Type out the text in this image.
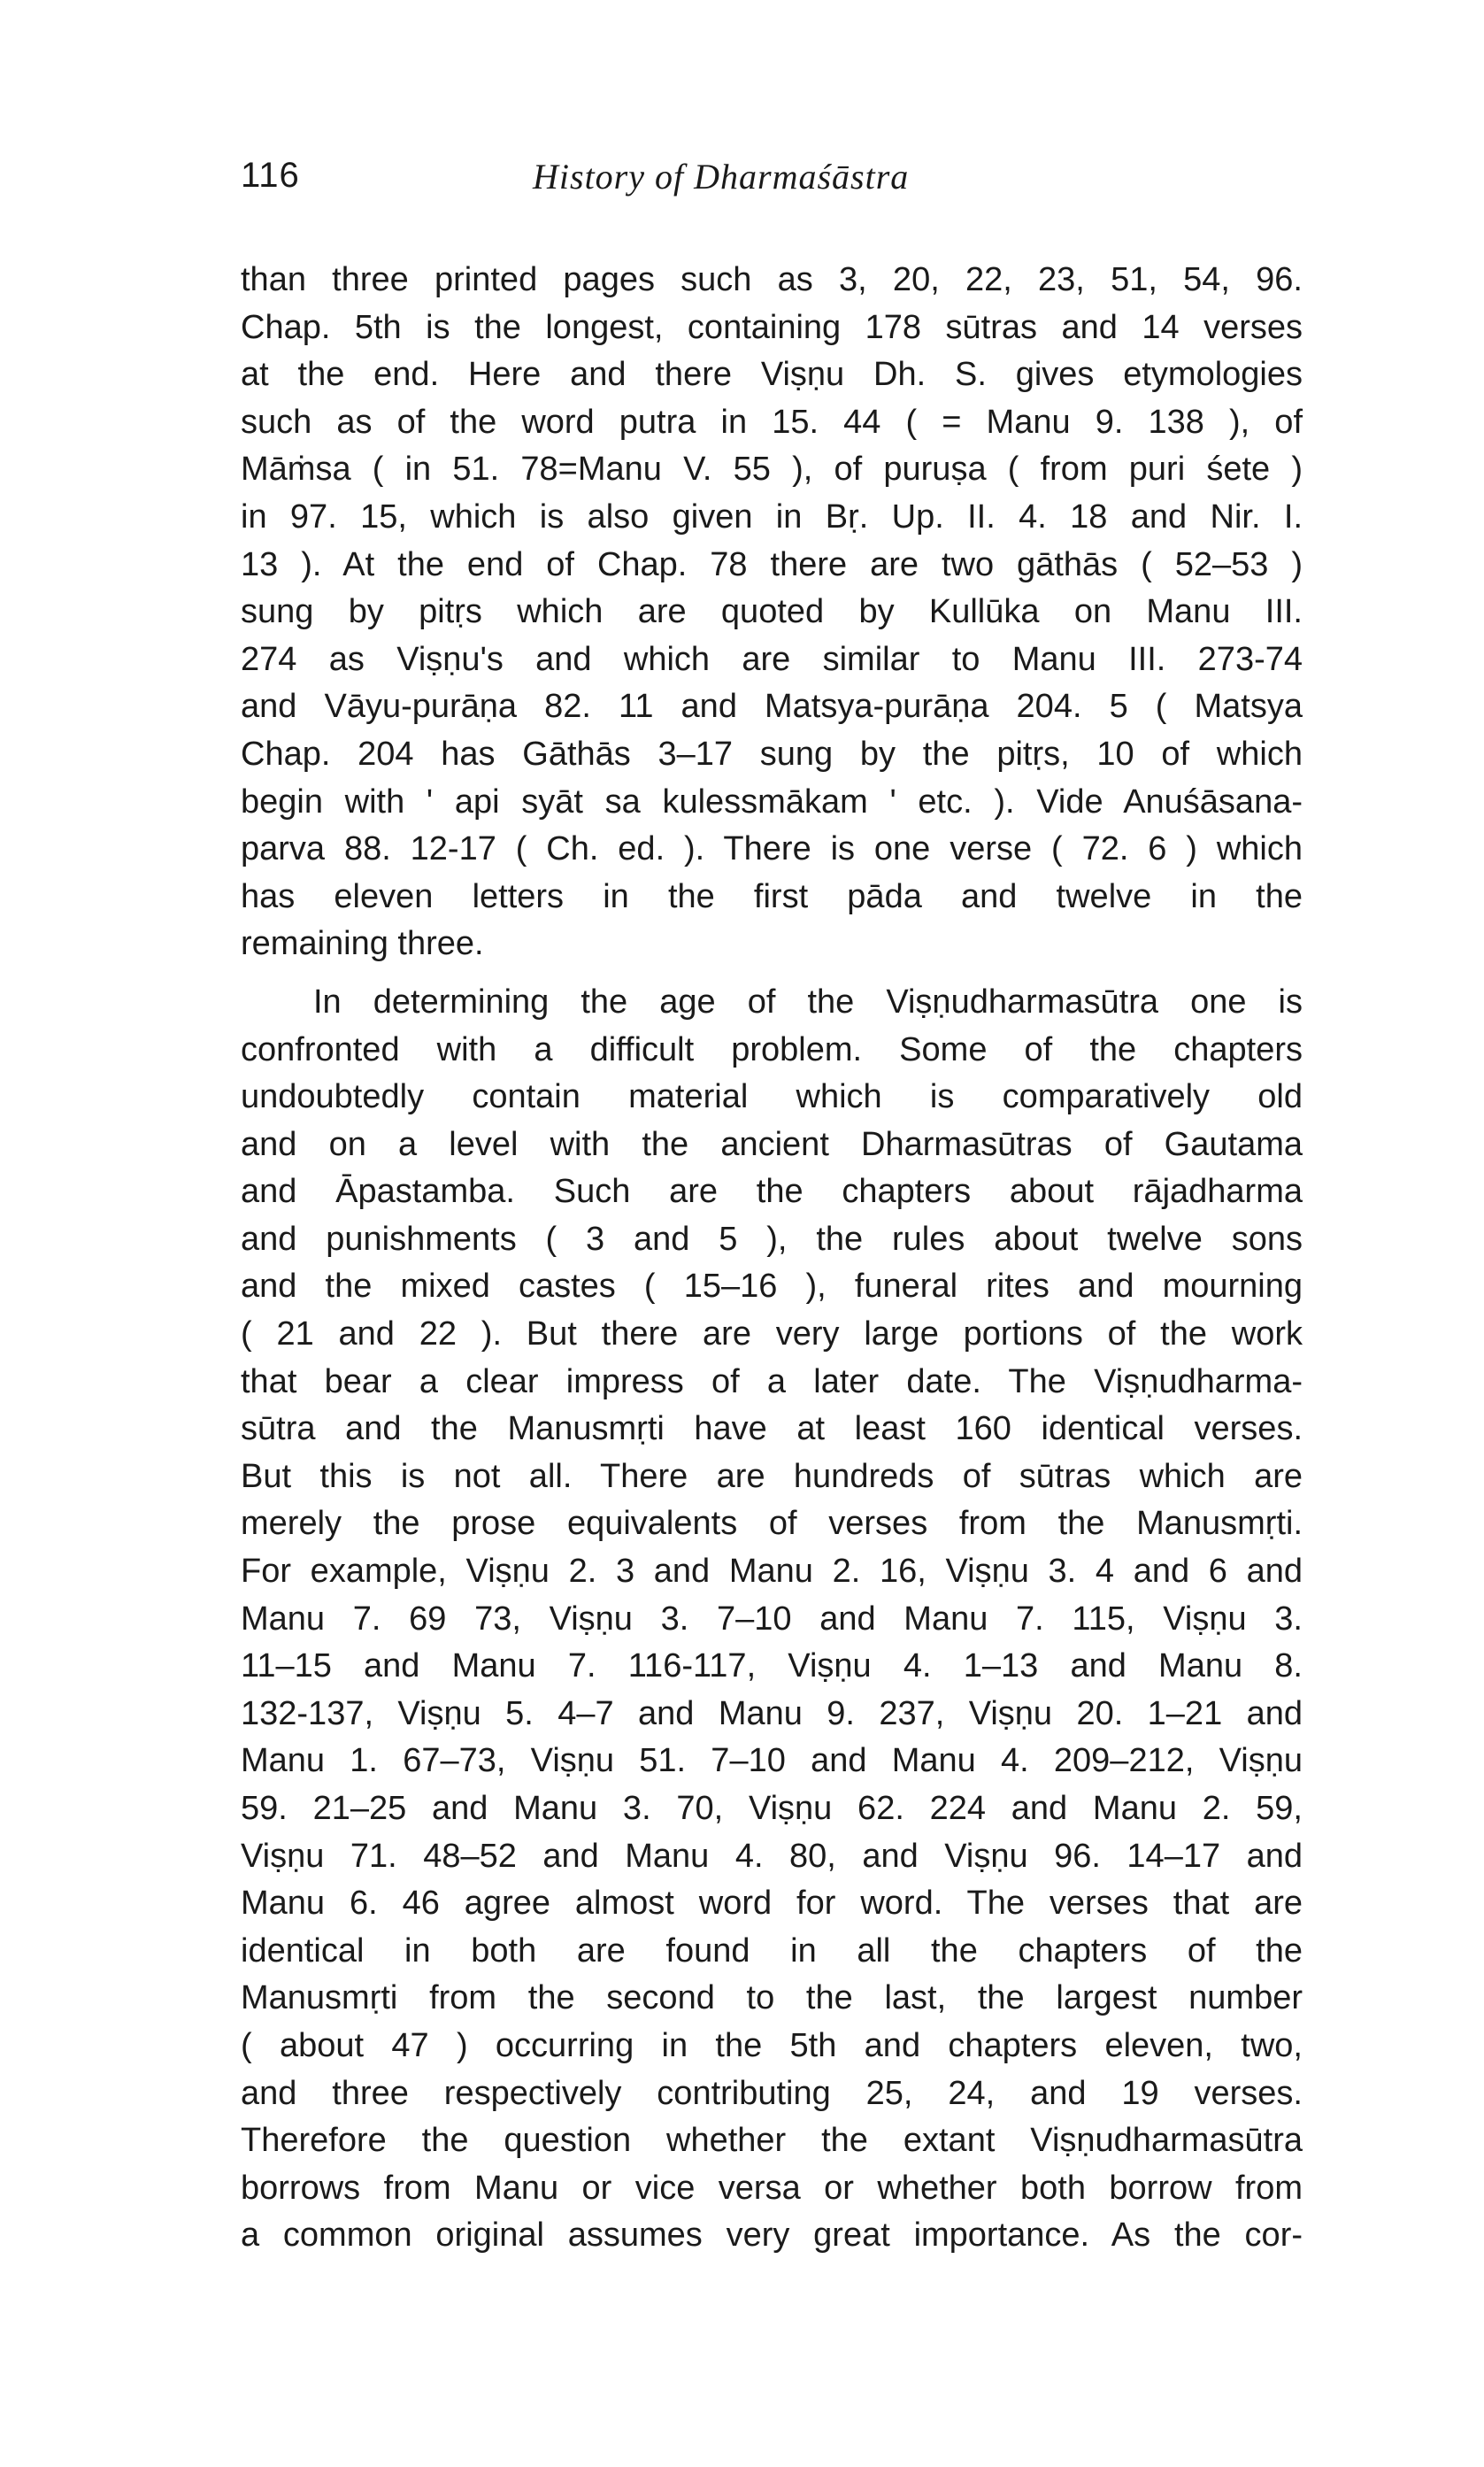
116	History of Dharmaśāstra
than three printed pages such as 3, 20, 22, 23, 51, 54, 96.
Chap. 5th is the longest, containing 178 sūtras and 14 verses
at the end. Here and there Viṣṇu Dh. S. gives etymologies
such as of the word putra in 15. 44 ( = Manu 9. 138 ), of
Māṁsa ( in 51. 78=Manu V. 55 ), of puruṣa ( from puri śete )
in 97. 15, which is also given in Bṛ. Up. II. 4. 18 and Nir. I.
13 ). At the end of Chap. 78 there are two gāthās ( 52–53 )
sung by pitṛs which are quoted by Kullūka on Manu III.
274 as Viṣṇu's and which are similar to Manu III. 273-74
and Vāyu-purāṇa 82. 11 and Matsya-purāṇa 204. 5 ( Matsya
Chap. 204 has Gāthās 3–17 sung by the pitṛs, 10 of which
begin with ' api syāt sa kulessmākam ' etc. ). Vide Anuśāsana-
parva 88. 12-17 ( Ch. ed. ). There is one verse ( 72. 6 ) which
has eleven letters in the first pāda and twelve in the
remaining three.
In determining the age of the Viṣṇudharmasūtra one is
confronted with a difficult problem. Some of the chapters
undoubtedly contain material which is comparatively old
and on a level with the ancient Dharmasūtras of Gautama
and Āpastamba. Such are the chapters about rājadharma
and punishments ( 3 and 5 ), the rules about twelve sons
and the mixed castes ( 15–16 ), funeral rites and mourning
( 21 and 22 ). But there are very large portions of the work
that bear a clear impress of a later date. The Viṣṇudharma-
sūtra and the Manusmṛti have at least 160 identical verses.
But this is not all. There are hundreds of sūtras which are
merely the prose equivalents of verses from the Manusmṛti.
For example, Viṣṇu 2. 3 and Manu 2. 16, Viṣṇu 3. 4 and 6 and
Manu 7. 69 73, Viṣṇu 3. 7–10 and Manu 7. 115, Viṣṇu 3.
11–15 and Manu 7. 116-117, Viṣṇu 4. 1–13 and Manu 8.
132-137, Viṣṇu 5. 4–7 and Manu 9. 237, Viṣṇu 20. 1–21 and
Manu 1. 67–73, Viṣṇu 51. 7–10 and Manu 4. 209–212, Viṣṇu
59. 21–25 and Manu 3. 70, Viṣṇu 62. 224 and Manu 2. 59,
Viṣṇu 71. 48–52 and Manu 4. 80, and Viṣṇu 96. 14–17 and
Manu 6. 46 agree almost word for word. The verses that are
identical in both are found in all the chapters of the
Manusmṛti from the second to the last, the largest number
( about 47 ) occurring in the 5th and chapters eleven, two,
and three respectively contributing 25, 24, and 19 verses.
Therefore the question whether the extant Viṣṇudharmasūtra
borrows from Manu or vice versa or whether both borrow from
a common original assumes very great importance. As the cor-
